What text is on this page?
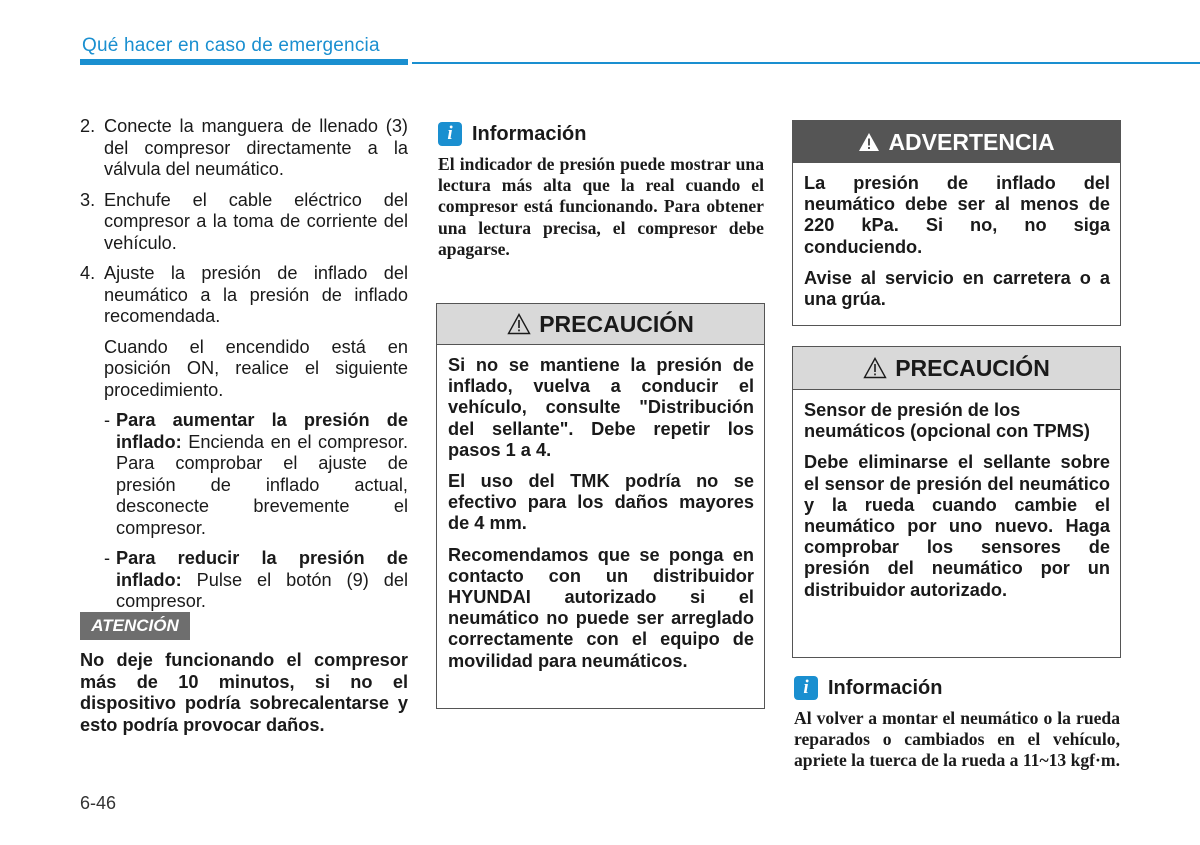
Qué hacer en caso de emergencia
2. Conecte la manguera de llenado (3) del compresor directamente a la válvula del neumático.
3. Enchufe el cable eléctrico del compresor a la toma de corriente del vehículo.
4. Ajuste la presión de inflado del neumático a la presión de inflado recomendada.
Cuando el encendido está en posición ON, realice el siguiente procedimiento.
- Para aumentar la presión de inflado: Encienda en el compresor. Para comprobar el ajuste de presión de inflado actual, desconecte brevemente el compresor.
- Para reducir la presión de inflado: Pulse el botón (9) del compresor.
ATENCIÓN
No deje funcionando el compresor más de 10 minutos, si no el dispositivo podría sobrecalentarse y esto podría provocar daños.
6-46
i Información
El indicador de presión puede mostrar una lectura más alta que la real cuando el compresor está funcionando. Para obtener una lectura precisa, el compresor debe apagarse.
PRECAUCIÓN

Si no se mantiene la presión de inflado, vuelva a conducir el vehículo, consulte "Distribución del sellante". Debe repetir los pasos 1 a 4.

El uso del TMK podría no se efectivo para los daños mayores de 4 mm.

Recomendamos que se ponga en contacto con un distribuidor HYUNDAI autorizado si el neumático no puede ser arreglado correctamente con el equipo de movilidad para neumáticos.

ADVERTENCIA

La presión de inflado del neumático debe ser al menos de 220 kPa. Si no, no siga conduciendo.

Avise al servicio en carretera o a una grúa.

PRECAUCIÓN

Sensor de presión de los neumáticos (opcional con TPMS)

Debe eliminarse el sellante sobre el sensor de presión del neumático y la rueda cuando cambie el neumático por uno nuevo. Haga comprobar los sensores de presión del neumático por un distribuidor autorizado.

i Información
Al volver a montar el neumático o la rueda reparados o cambiados en el vehículo, apriete la tuerca de la rueda a 11~13 kgf·m.
